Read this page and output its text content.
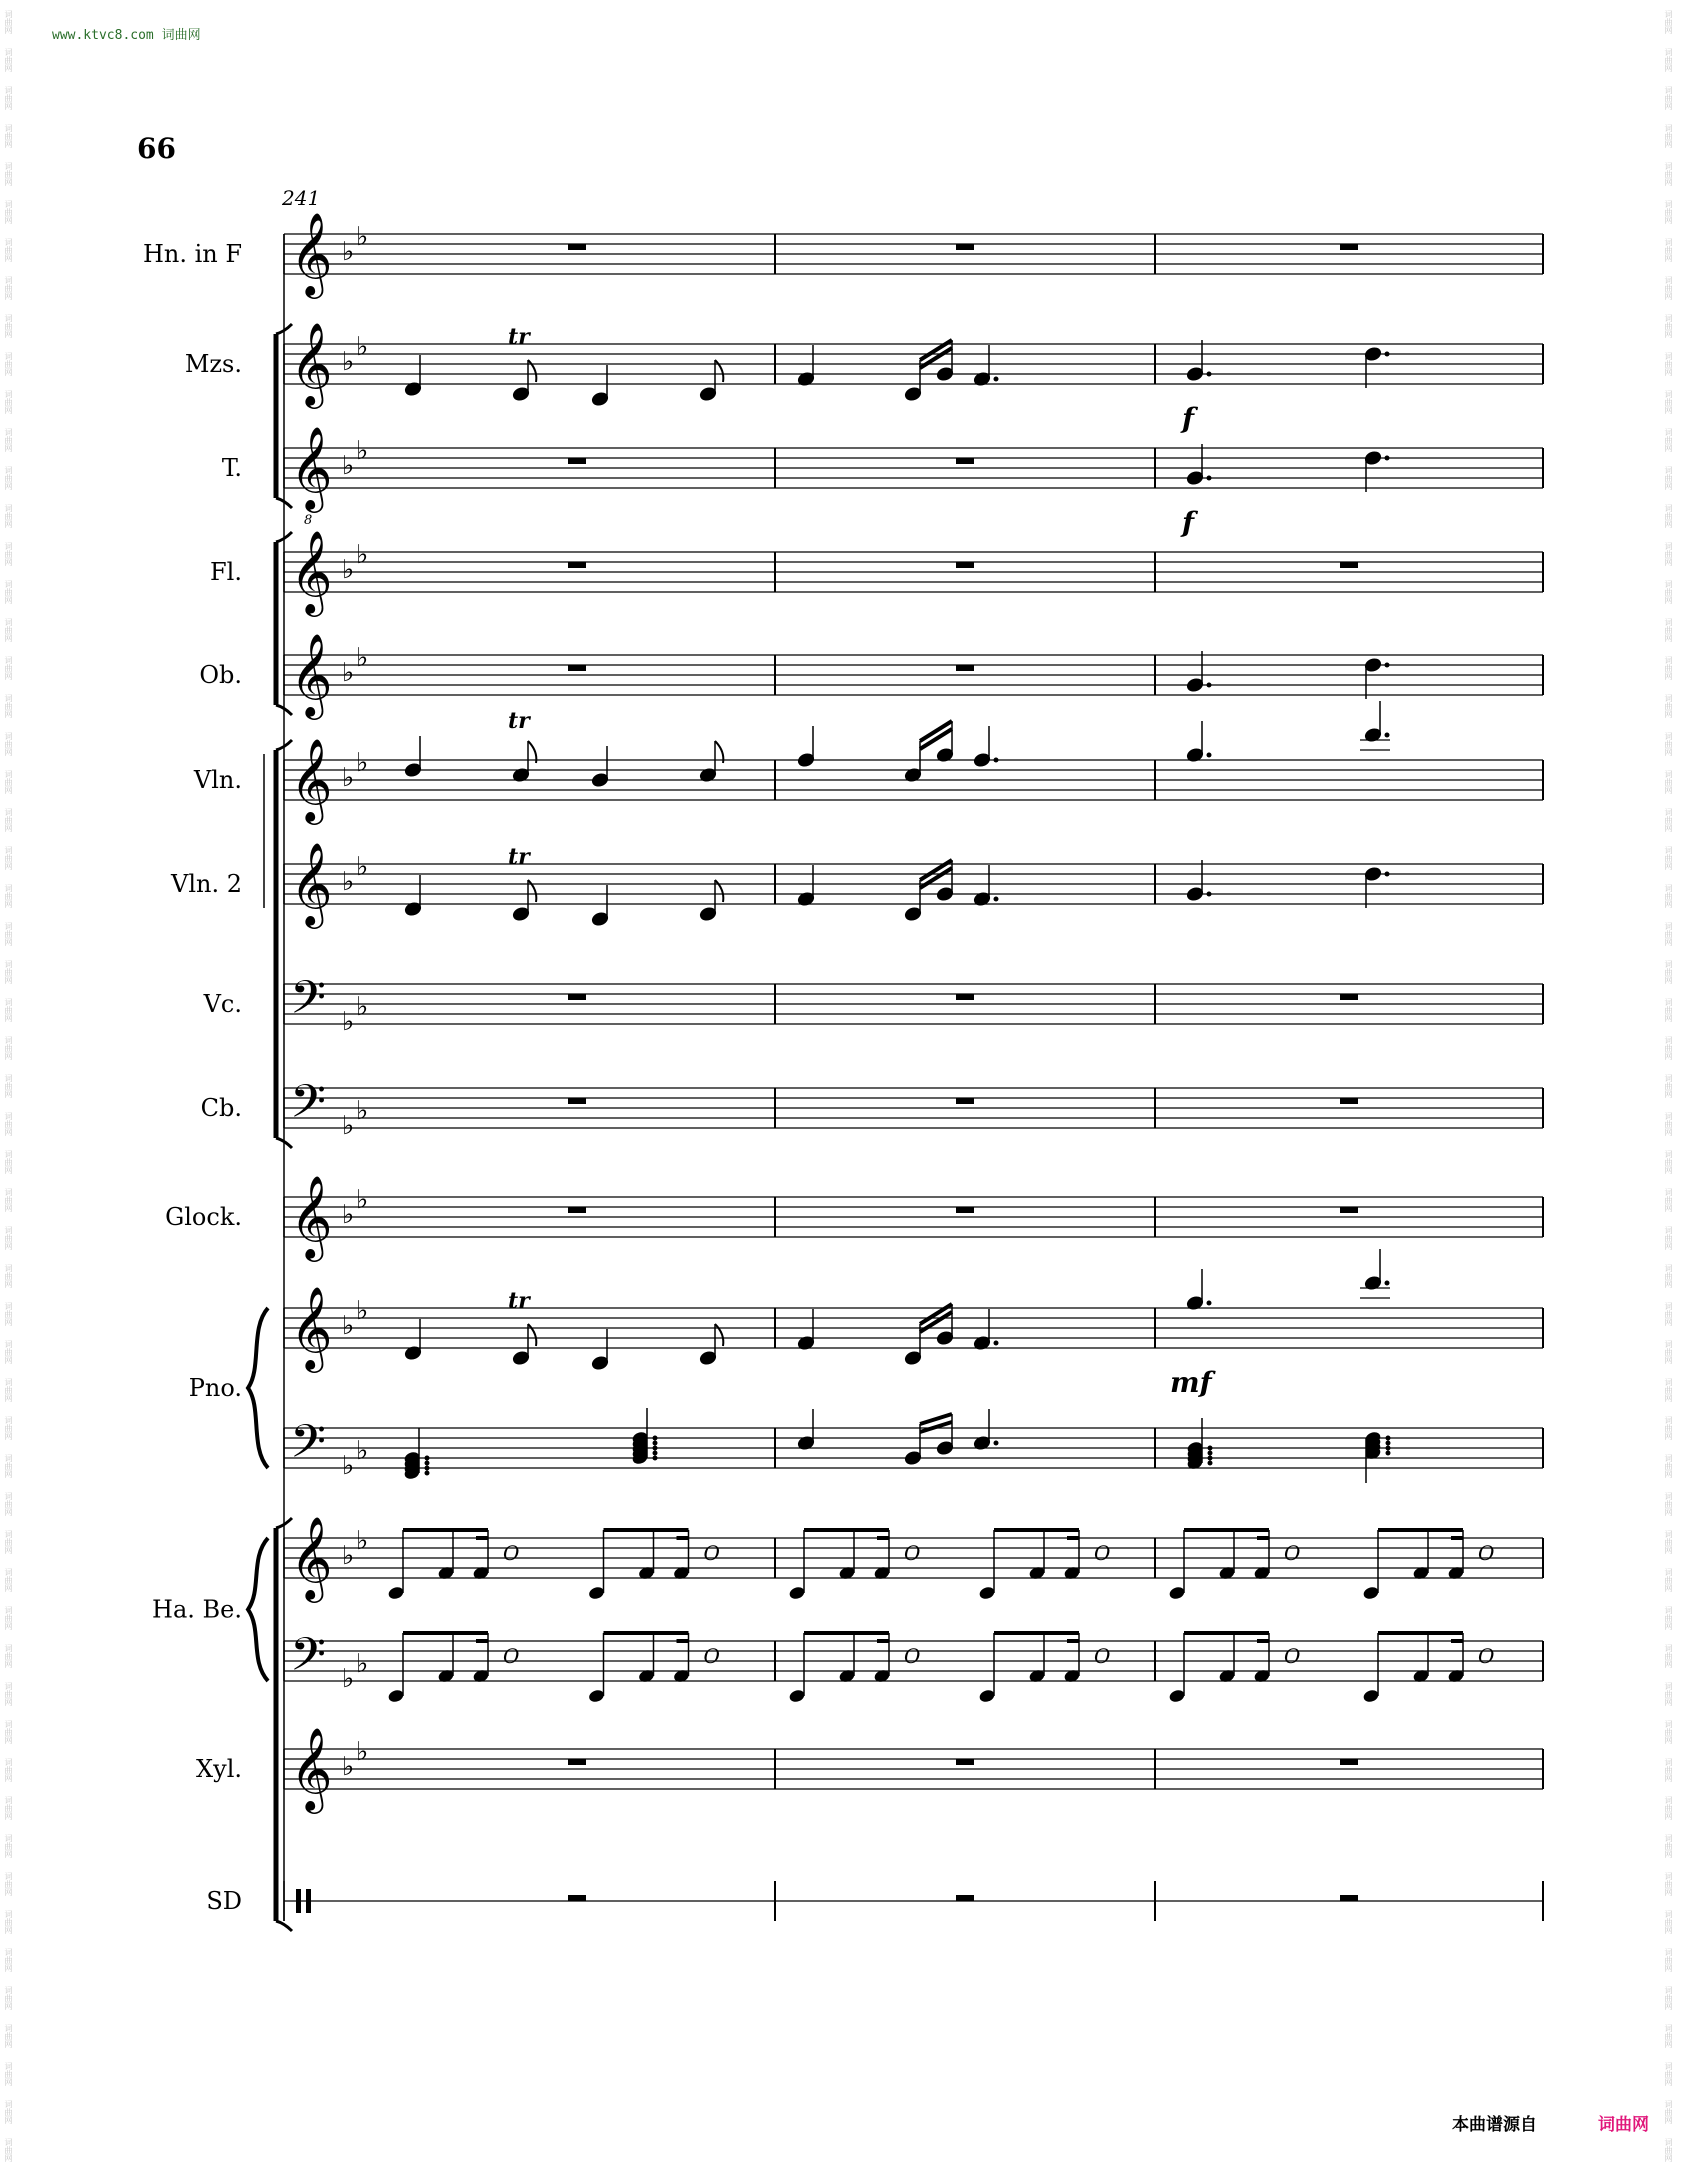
词曲网
词曲网
词曲网
词曲网
词曲网
词曲网
词曲网
词曲网
词曲网
词曲网
词曲网
词曲网
词曲网
词曲网
词曲网
词曲网
词曲网
词曲网
词曲网
词曲网
词曲网
词曲网
词曲网
词曲网
词曲网
词曲网
词曲网
词曲网
词曲网
词曲网
词曲网
词曲网
词曲网
词曲网
词曲网
词曲网
词曲网
词曲网
词曲网
词曲网
词曲网
词曲网
词曲网
词曲网
词曲网
词曲网
词曲网
词曲网
词曲网
词曲网
词曲网
词曲网
词曲网
词曲网
词曲网
词曲网
词曲网
词曲网
词曲网
词曲网
词曲网
词曲网
词曲网
词曲网
词曲网
词曲网
词曲网
词曲网
词曲网
词曲网
词曲网
词曲网
词曲网
词曲网
词曲网
词曲网
词曲网
词曲网
词曲网
词曲网
词曲网
词曲网
词曲网
词曲网
词曲网
词曲网
词曲网
词曲网
词曲网
词曲网
词曲网
词曲网
词曲网
词曲网
词曲网
词曲网
词曲网
词曲网
词曲网
词曲网
词曲网
词曲网
词曲网
词曲网
词曲网
词曲网
词曲网
词曲网
词曲网
词曲网
词曲网
词曲网
词曲网
词曲网
www.ktvc8.com 词曲网
66
241
Hn. in F
Mzs.
T.
Fl.
Ob.
Vln.
Vln. 2
Vc.
Cb.
Glock.
Pno.
Ha. Be.
Xyl.
SD
𝄞 ♭ ♭
𝄞 ♭ ♭
𝄞 ♭ ♭
𝄞 ♭ ♭
𝄞 ♭ ♭
𝄞 ♭ ♭
𝄞 ♭ ♭
𝄞 ♭ ♭
𝄞 ♭ ♭
𝄞 ♭ ♭
𝄞
8
♭ ♭
𝄢 ♭ ♭
𝄢 ♭ ♭
𝄢 ♭ ♭
𝄢 ♭ ♭
𝑂	𝑂	𝑂	𝑂	𝑂	𝑂
𝑂	𝑂	𝑂	𝑂	𝑂	𝑂
tr
f
f
tr
tr
mf
tr
本曲谱源自	词曲网
